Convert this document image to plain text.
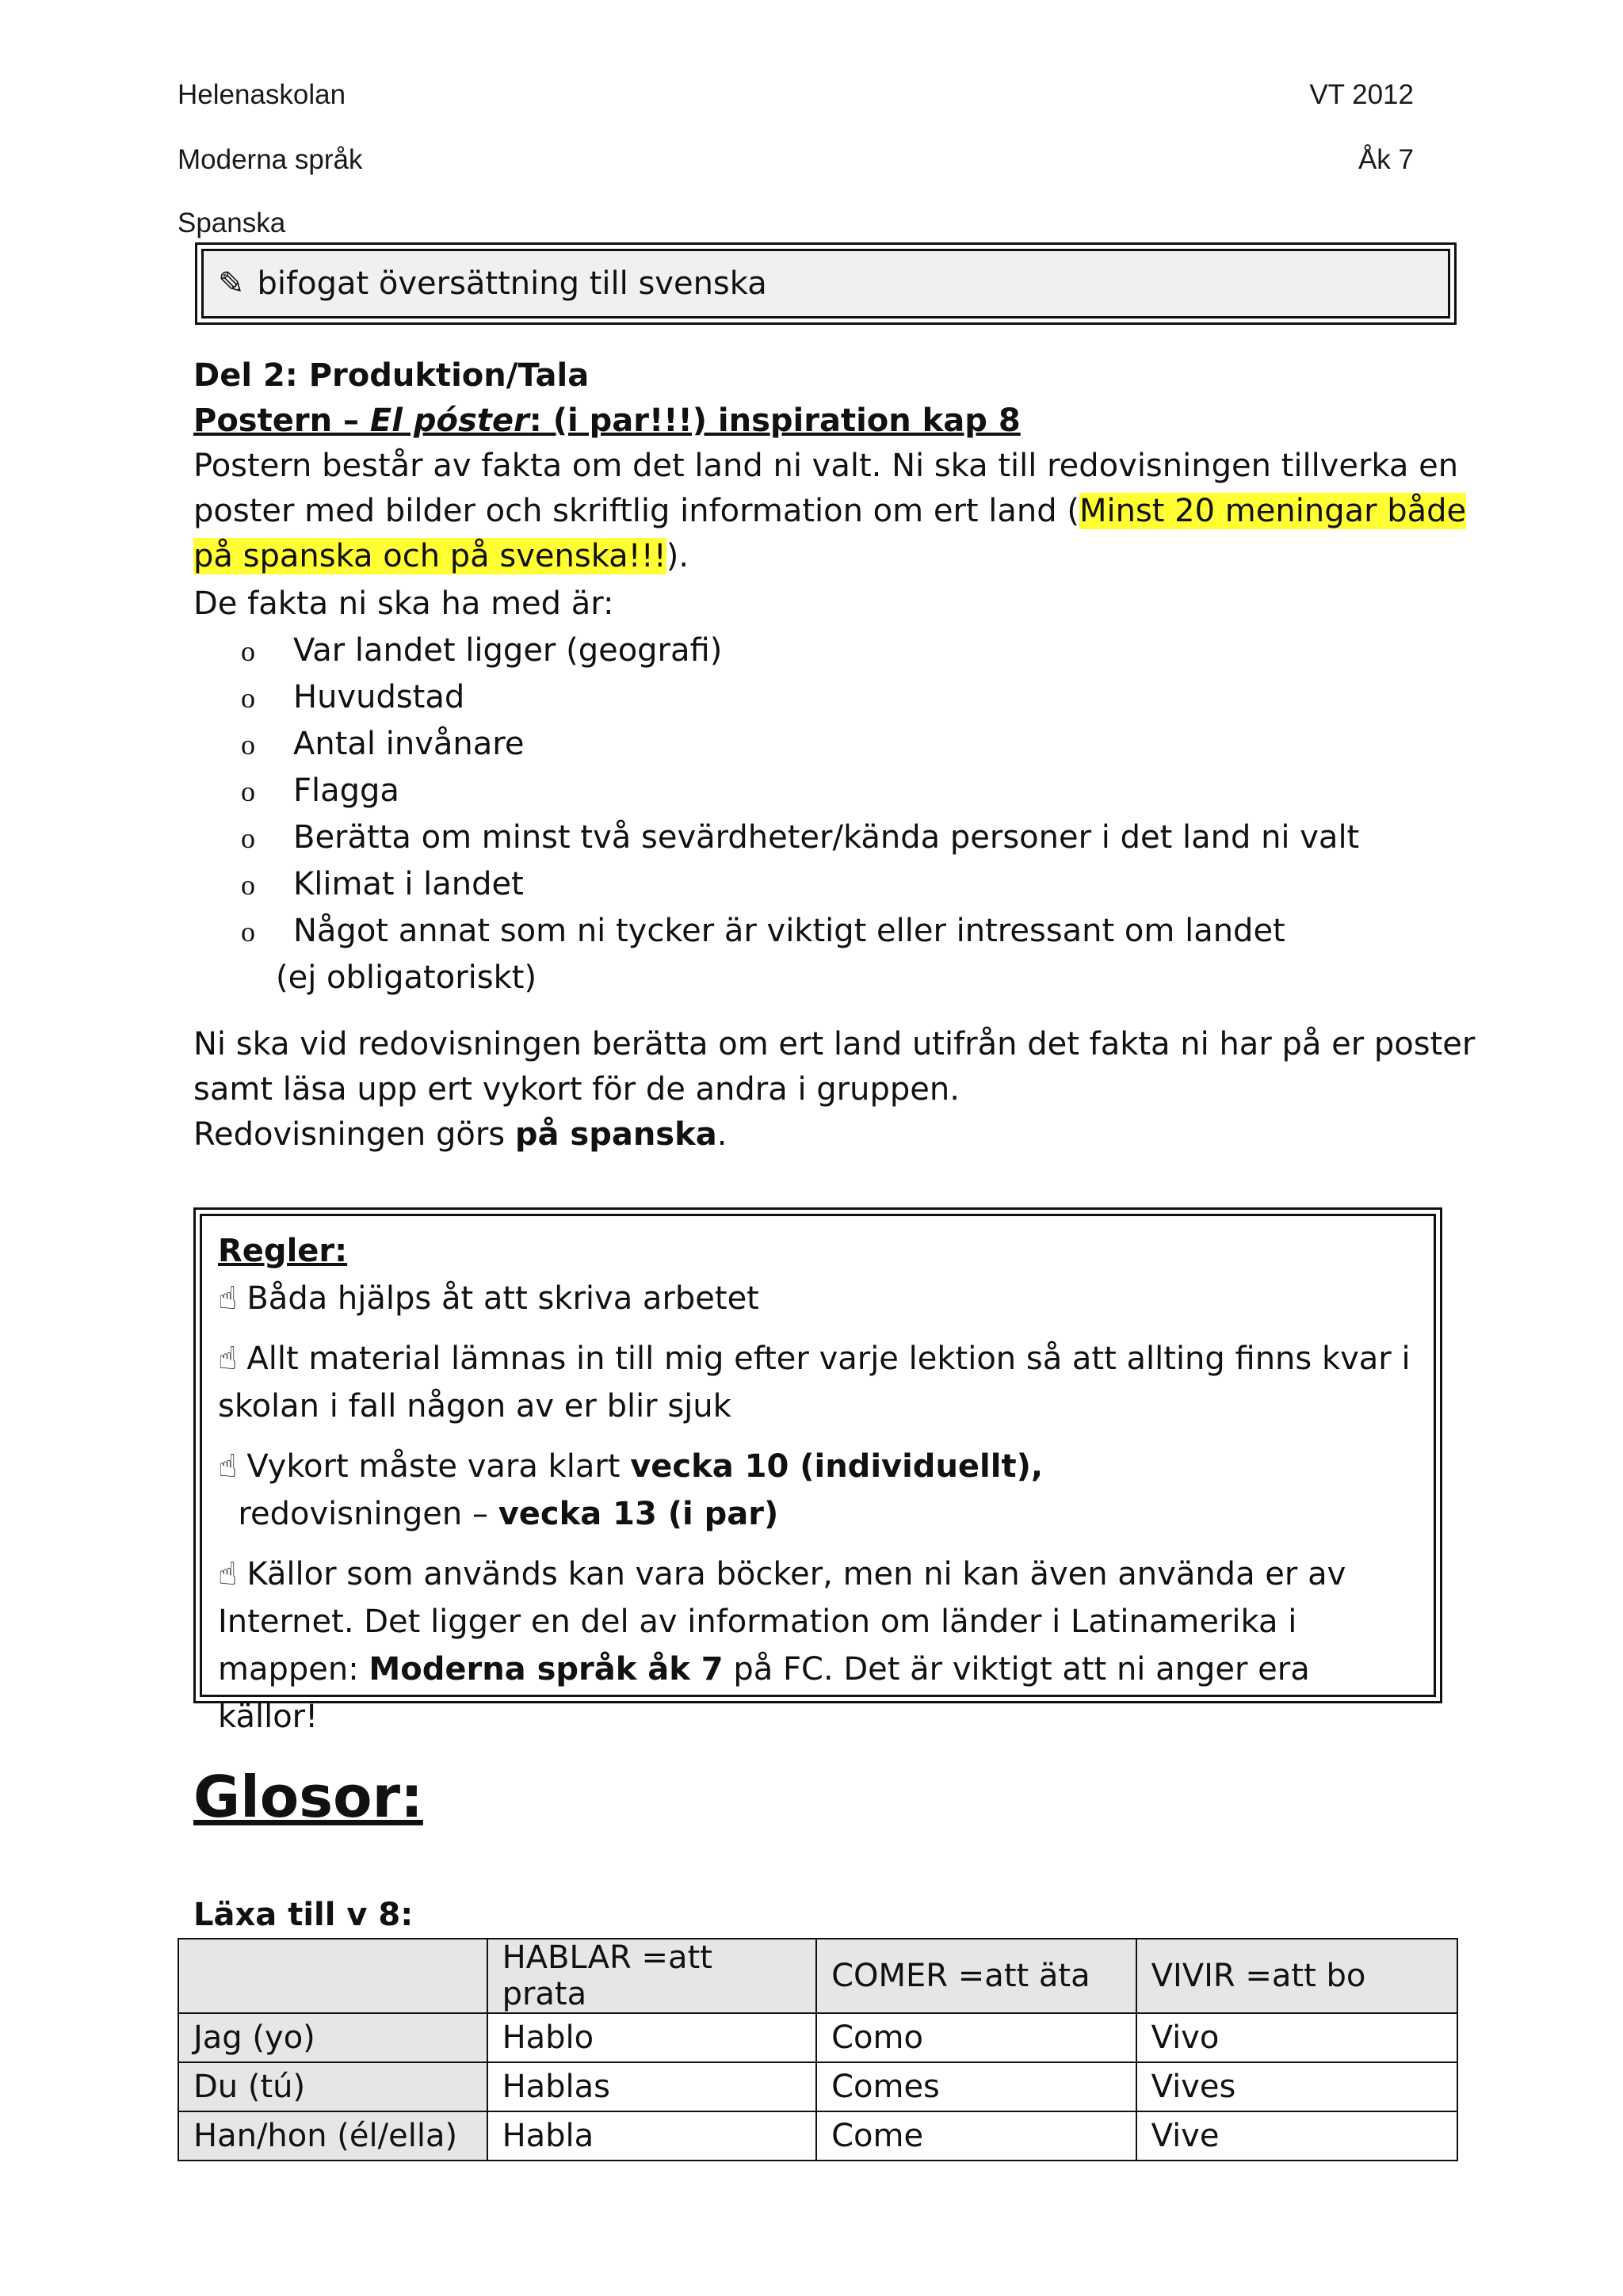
Helenaskolan	VT 2012
Moderna språk	Åk 7
Spanska
✎ bifogat översättning till svenska
Del 2: Produktion/Tala
Postern – El póster: (i par!!!) inspiration kap 8
Postern består av fakta om det land ni valt. Ni ska till redovisningen tillverka en poster med bilder och skriftlig information om ert land (Minst 20 meningar både på spanska och på svenska!!!).
De fakta ni ska ha med är:
o	Var landet ligger (geografi)
o	Huvudstad
o	Antal invånare
o	Flagga
o	Berätta om minst två sevärdheter/kända personer i det land ni valt
o	Klimat i landet
o	Något annat som ni tycker är viktigt eller intressant om landet
(ej obligatoriskt)
Ni ska vid redovisningen berätta om ert land utifrån det fakta ni har på er poster samt läsa upp ert vykort för de andra i gruppen.
Redovisningen görs på spanska.
Regler:
☝ Båda hjälps åt att skriva arbetet
☝ Allt material lämnas in till mig efter varje lektion så att allting finns kvar i skolan i fall någon av er blir sjuk
☝ Vykort måste vara klart vecka 10 (individuellt),  redovisningen – vecka 13 (i par)
☝ Källor som används kan vara böcker, men ni kan även använda er av Internet. Det ligger en del av information om länder i Latinamerika i mappen: Moderna språk åk 7 på FC. Det är viktigt att ni anger era källor!
Glosor:
Läxa till v 8:
	HABLAR =att prata	COMER =att äta	VIVIR =att bo
Jag (yo)	Hablo	Como	Vivo
Du (tú)	Hablas	Comes	Vives
Han/hon (él/ella)	Habla	Come	Vive
